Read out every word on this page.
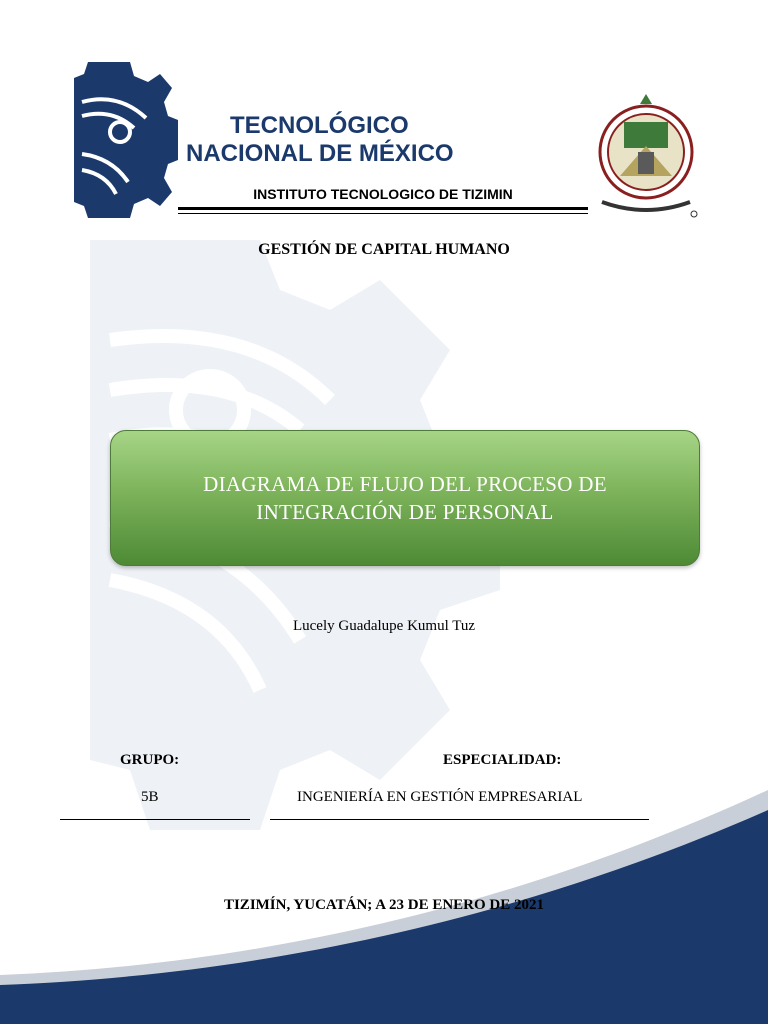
TECNOLÓGICO
NACIONAL DE MÉXICO
INSTITUTO TECNOLOGICO DE TIZIMIN
GESTIÓN DE CAPITAL HUMANO
DIAGRAMA DE FLUJO DEL PROCESO DE
INTEGRACIÓN DE PERSONAL
Lucely Guadalupe Kumul Tuz
GRUPO:
5B
ESPECIALIDAD:
INGENIERÍA EN GESTIÓN EMPRESARIAL
TIZIMÍN, YUCATÁN; A 23 DE ENERO DE 2021
